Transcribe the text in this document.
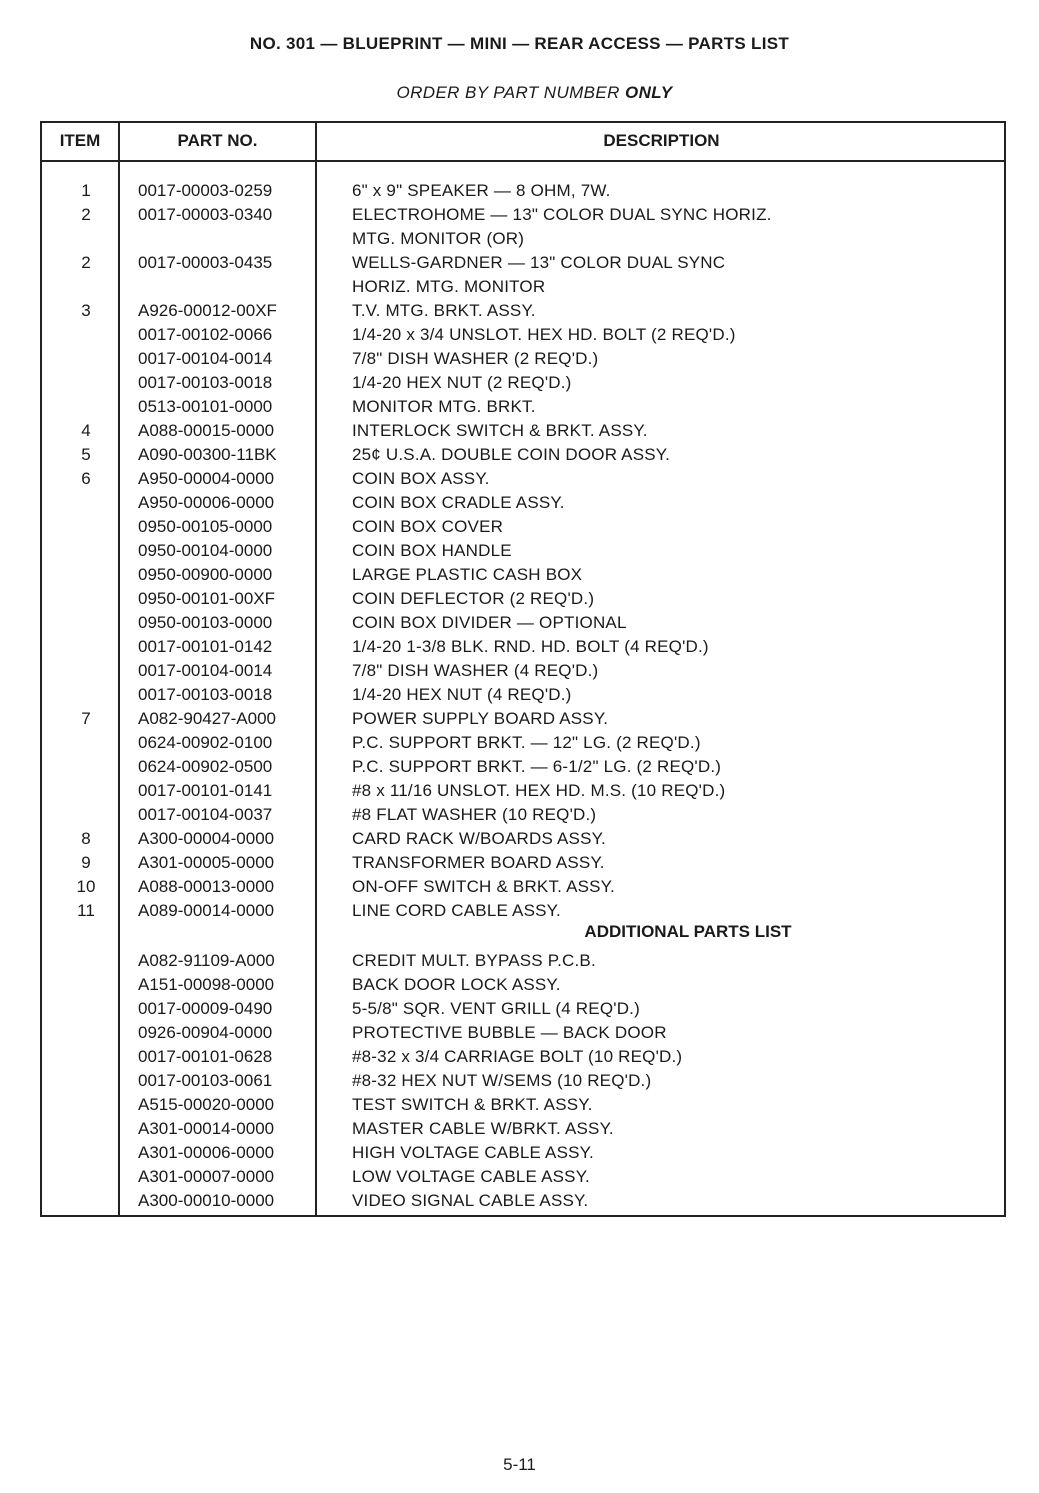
NO. 301 — BLUEPRINT — MINI — REAR ACCESS — PARTS LIST
ORDER BY PART NUMBER ONLY
ITEM	PART NO.	DESCRIPTION
1	0017-00003-0259	6" x 9" SPEAKER — 8 OHM, 7W.
2	0017-00003-0340	ELECTROHOME — 13" COLOR DUAL SYNC HORIZ.
MTG. MONITOR (OR)
2	0017-00003-0435	WELLS-GARDNER — 13" COLOR DUAL SYNC
HORIZ. MTG. MONITOR
3	A926-00012-00XF	T.V. MTG. BRKT. ASSY.
0017-00102-0066	1/4-20 x 3/4 UNSLOT. HEX HD. BOLT (2 REQ'D.)
0017-00104-0014	7/8" DISH WASHER (2 REQ'D.)
0017-00103-0018	1/4-20 HEX NUT (2 REQ'D.)
0513-00101-0000	MONITOR MTG. BRKT.
4	A088-00015-0000	INTERLOCK SWITCH & BRKT. ASSY.
5	A090-00300-11BK	25¢ U.S.A. DOUBLE COIN DOOR ASSY.
6	A950-00004-0000	COIN BOX ASSY.
A950-00006-0000	COIN BOX CRADLE ASSY.
0950-00105-0000	COIN BOX COVER
0950-00104-0000	COIN BOX HANDLE
0950-00900-0000	LARGE PLASTIC CASH BOX
0950-00101-00XF	COIN DEFLECTOR (2 REQ'D.)
0950-00103-0000	COIN BOX DIVIDER — OPTIONAL
0017-00101-0142	1/4-20 1-3/8 BLK. RND. HD. BOLT (4 REQ'D.)
0017-00104-0014	7/8" DISH WASHER (4 REQ'D.)
0017-00103-0018	1/4-20 HEX NUT (4 REQ'D.)
7	A082-90427-A000	POWER SUPPLY BOARD ASSY.
0624-00902-0100	P.C. SUPPORT BRKT. — 12" LG. (2 REQ'D.)
0624-00902-0500	P.C. SUPPORT BRKT. — 6-1/2" LG. (2 REQ'D.)
0017-00101-0141	#8 x 11/16 UNSLOT. HEX HD. M.S. (10 REQ'D.)
0017-00104-0037	#8 FLAT WASHER (10 REQ'D.)
8	A300-00004-0000	CARD RACK W/BOARDS ASSY.
9	A301-00005-0000	TRANSFORMER BOARD ASSY.
10	A088-00013-0000	ON-OFF SWITCH & BRKT. ASSY.
11	A089-00014-0000	LINE CORD CABLE ASSY.
ADDITIONAL PARTS LIST
A082-91109-A000	CREDIT MULT. BYPASS P.C.B.
A151-00098-0000	BACK DOOR LOCK ASSY.
0017-00009-0490	5-5/8" SQR. VENT GRILL (4 REQ'D.)
0926-00904-0000	PROTECTIVE BUBBLE — BACK DOOR
0017-00101-0628	#8-32 x 3/4 CARRIAGE BOLT (10 REQ'D.)
0017-00103-0061	#8-32 HEX NUT W/SEMS (10 REQ'D.)
A515-00020-0000	TEST SWITCH & BRKT. ASSY.
A301-00014-0000	MASTER CABLE W/BRKT. ASSY.
A301-00006-0000	HIGH VOLTAGE CABLE ASSY.
A301-00007-0000	LOW VOLTAGE CABLE ASSY.
A300-00010-0000	VIDEO SIGNAL CABLE ASSY.
5-11
